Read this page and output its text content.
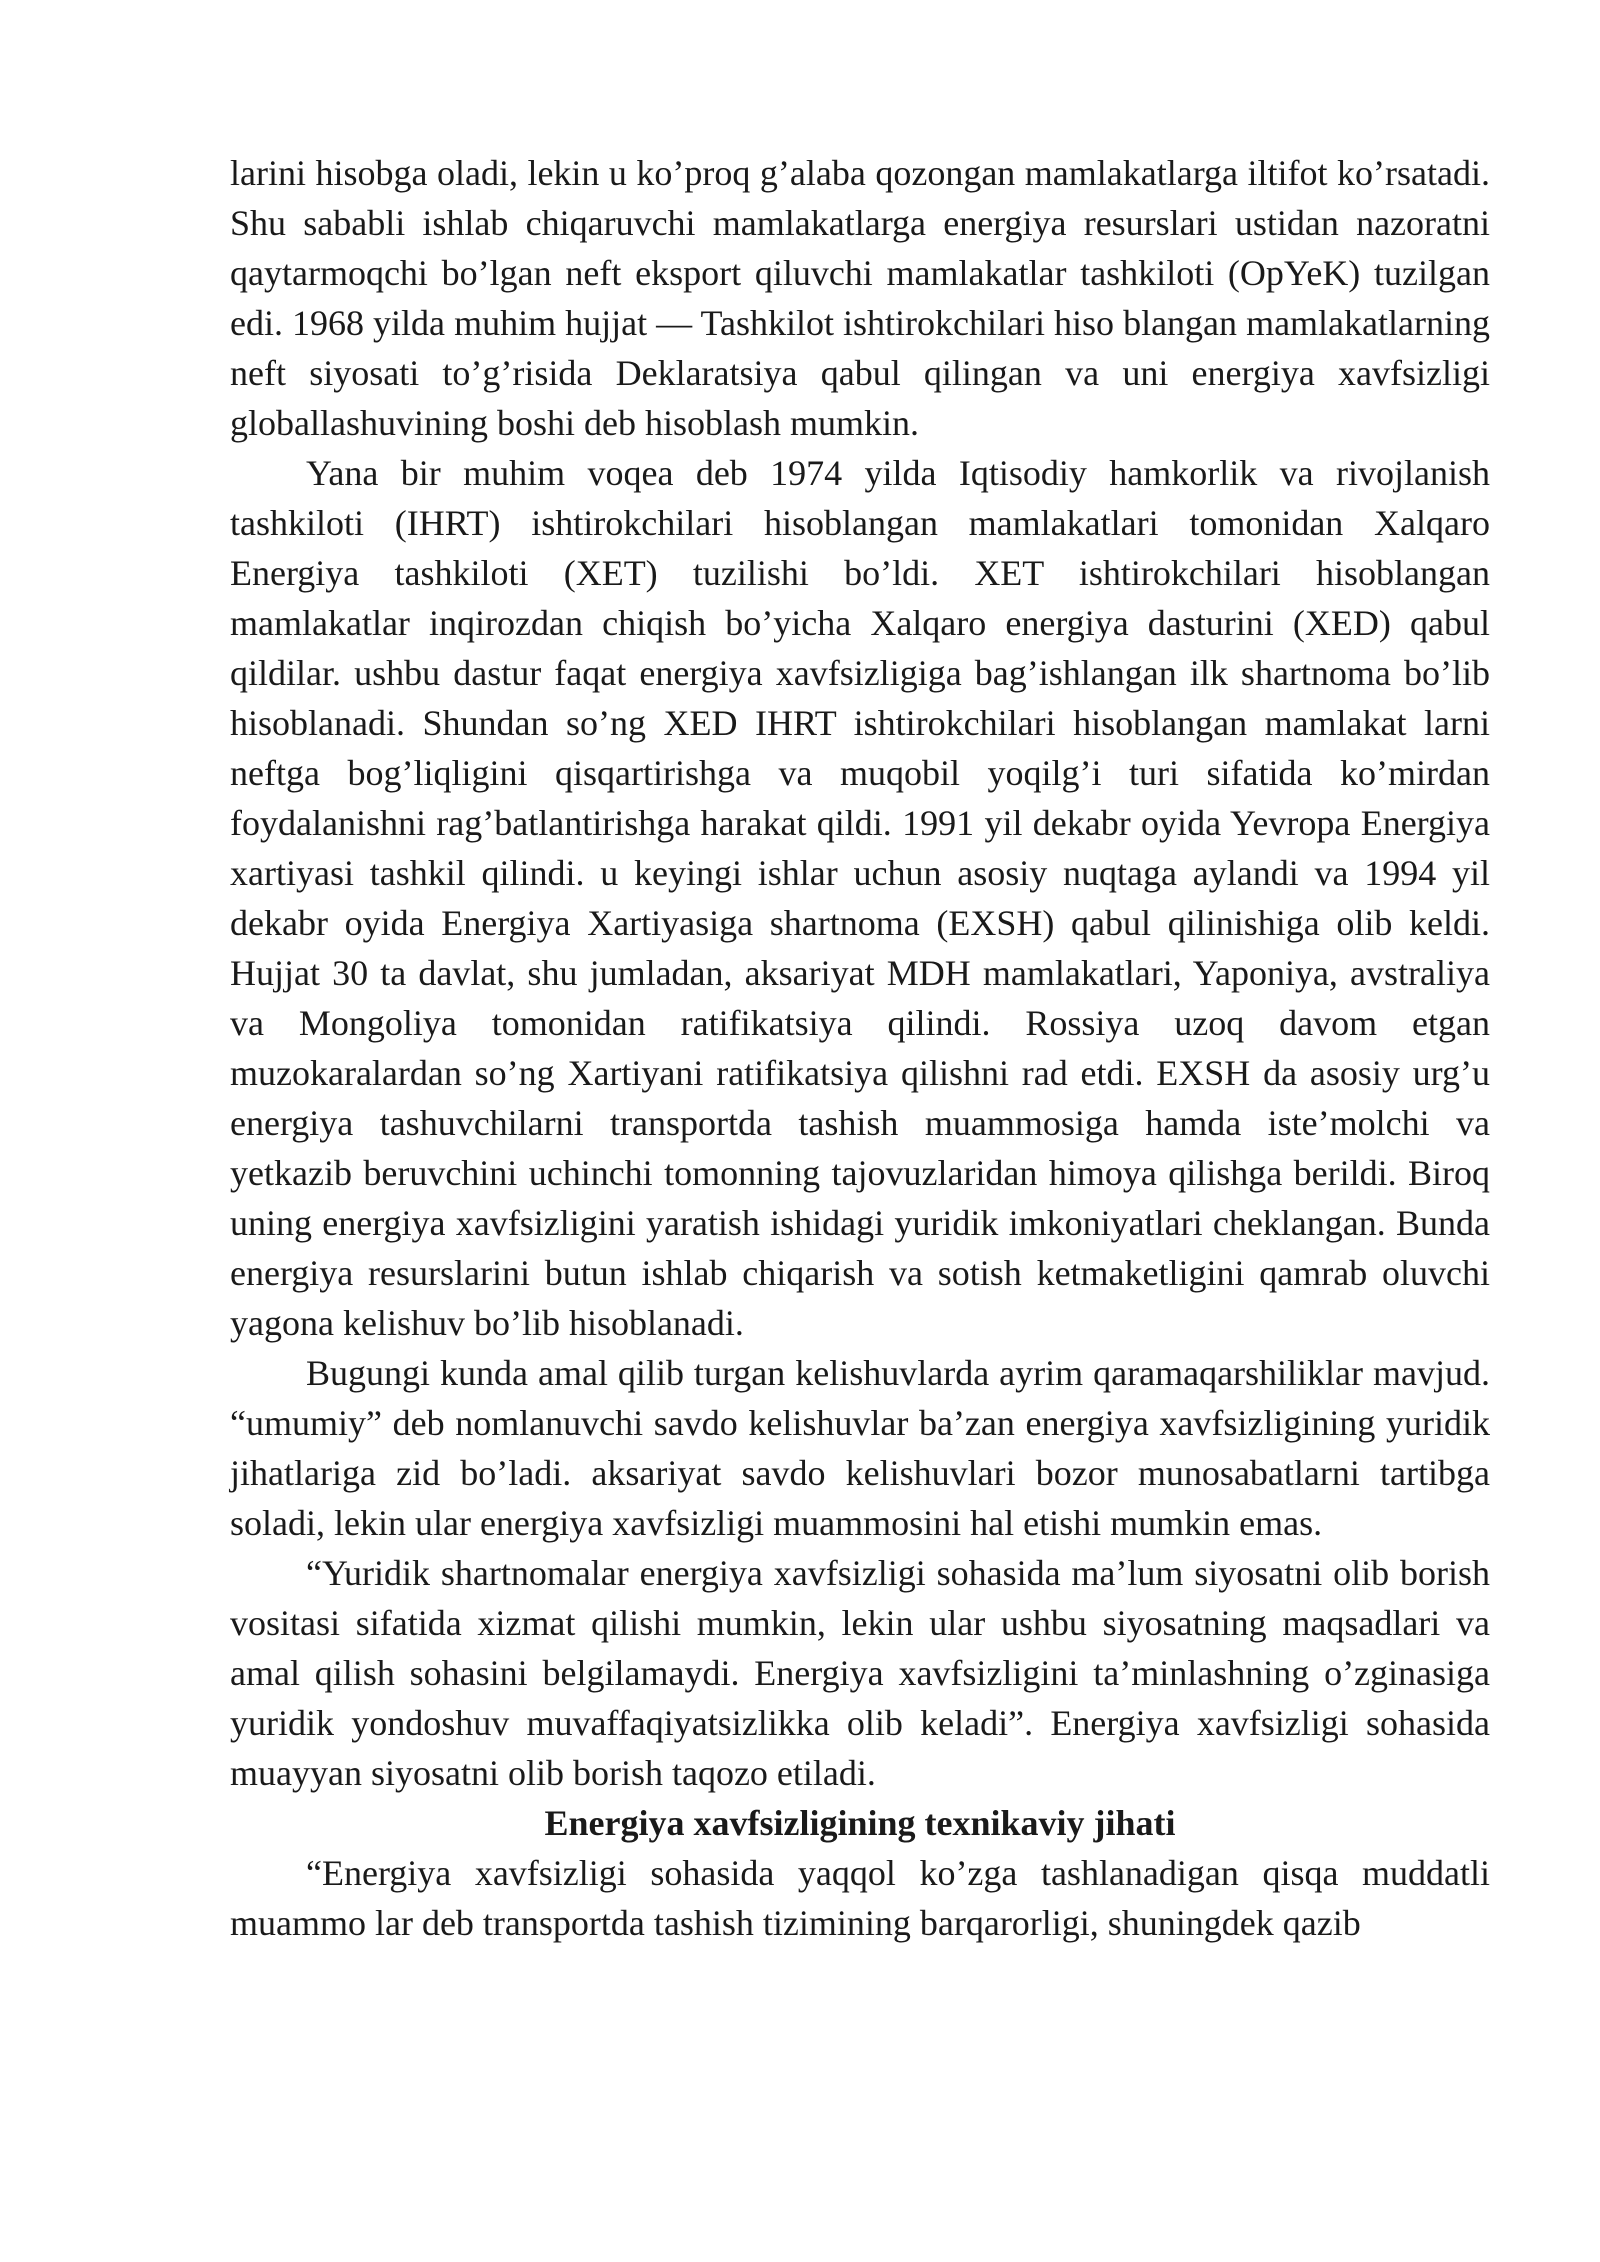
larini hisobga oladi, lekin u ko’proq g’alaba qozongan mamlakatlarga iltifot ko’rsatadi. Shu sababli ishlab chiqaruvchi mamlakatlarga energiya resurslari ustidan nazoratni qaytarmoqchi bo’lgan neft eksport qiluvchi mamlakatlar tashkiloti (OpYeK) tuzilgan edi. 1968 yilda muhim hujjat — Tashkilot ishtirokchilari hiso blangan mamlakatlarning neft siyosati to’g’risida Deklaratsiya qabul qilingan va uni energiya xavfsizligi globallashuvining boshi deb hisoblash mumkin.

Yana bir muhim voqea deb 1974 yilda Iqtisodiy hamkorlik va rivojlanish tashkiloti (IHRT) ishtirokchilari hisoblangan mamlakatlari tomonidan Xalqaro Energiya tashkiloti (XET) tuzilishi bo’ldi. XET ishtirokchilari hisoblangan mamlakatlar inqirozdan chiqish bo’yicha Xalqaro energiya dasturini (XED) qabul qildilar. ushbu dastur faqat energiya xavfsizligiga bag’ishlangan ilk shartnoma bo’lib hisoblanadi. Shundan so’ng XED IHRT ishtirokchilari hisoblangan mamlakat larni neftga bog’liqligini qisqartirishga va muqobil yoqilg’i turi sifatida ko’mirdan foydalanishni rag’batlantirishga harakat qildi. 1991 yil dekabr oyida Yevropa Energiya xartiyasi tashkil qilindi. u keyingi ishlar uchun asosiy nuqtaga aylandi va 1994 yil dekabr oyida Energiya Xartiyasiga shartnoma (EXSH) qabul qilinishiga olib keldi. Hujjat 30 ta davlat, shu jumladan, aksariyat MDH mamlakatlari, Yaponiya, avstraliya va Mongoliya tomonidan ratifikatsiya qilindi. Rossiya uzoq davom etgan muzokaralardan so’ng Xartiyani ratifikatsiya qilishni rad etdi. EXSH da asosiy urg’u energiya tashuvchilarni transportda tashish muammosiga hamda iste’molchi va yetkazib beruvchini uchinchi tomonning tajovuzlaridan himoya qilishga berildi. Biroq uning energiya xavfsizligini yaratish ishidagi yuridik imkoniyatlari cheklangan. Bunda energiya resurslarini butun ishlab chiqarish va sotish ketmaketligini qamrab oluvchi yagona kelishuv bo’lib hisoblanadi.

Bugungi kunda amal qilib turgan kelishuvlarda ayrim qaramaqarshiliklar mavjud. “umumiy” deb nomlanuvchi savdo kelishuvlar ba’zan energiya xavfsizligining yuridik jihatlariga zid bo’ladi. aksariyat savdo kelishuvlari bozor munosabatlarni tartibga soladi, lekin ular energiya xavfsizligi muammosini hal etishi mumkin emas.

“Yuridik shartnomalar energiya xavfsizligi sohasida ma’lum siyosatni olib borish vositasi sifatida xizmat qilishi mumkin, lekin ular ushbu siyosatning maqsadlari va amal qilish sohasini belgilamaydi. Energiya xavfsizligini ta’minlashning o’zginasiga yuridik yondoshuv muvaffaqiyatsizlikka olib keladi”. Energiya xavfsizligi sohasida muayyan siyosatni olib borish taqozo etiladi.

Energiya xavfsizligining texnikaviy jihati

“Energiya xavfsizligi sohasida yaqqol ko’zga tashlanadigan qisqa muddatli muammo lar deb transportda tashish tizimining barqarorligi, shuningdek qazib
